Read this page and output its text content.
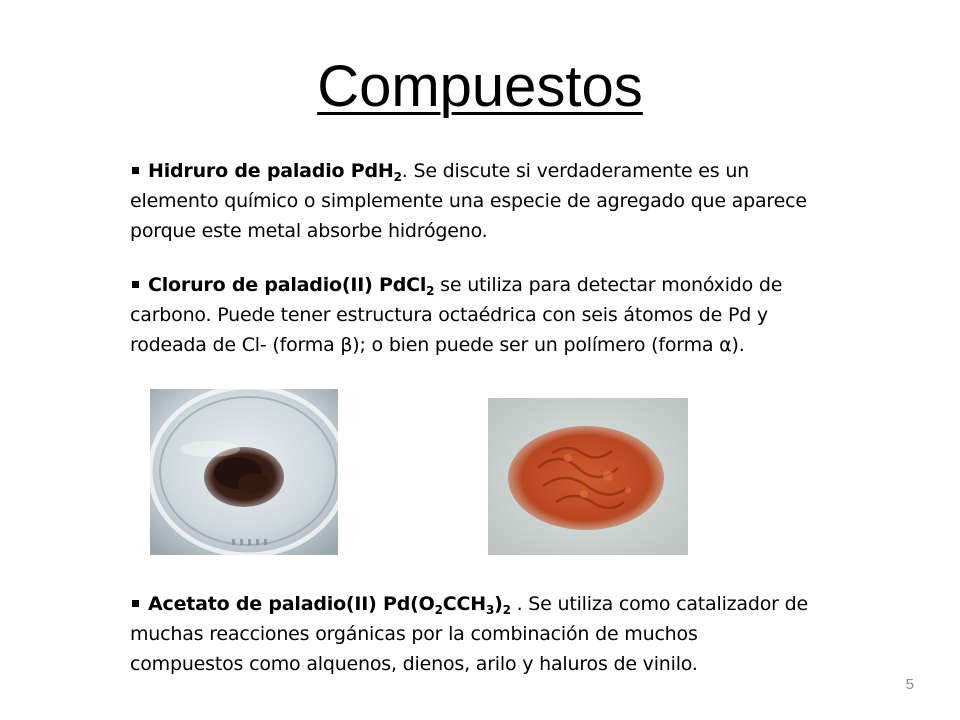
Compuestos
Hidruro de paladio PdH$_2$. Se discute si verdaderamente es un elemento químico o simplemente una especie de agregado que aparece porque este metal absorbe hidrógeno.
Cloruro de paladio(II) PdCl$_2$ se utiliza para detectar monóxido de carbono. Puede tener estructura octaédrica con seis átomos de Pd y rodeada de Cl- (forma β); o bien puede ser un polímero (forma α).
Acetato de paladio(II) $Pd(O_2CCH_3)_2$ . Se utiliza como catalizador de muchas reacciones orgánicas por la combinación de muchos compuestos como alquenos, dienos, arilo y haluros de vinilo.
5
